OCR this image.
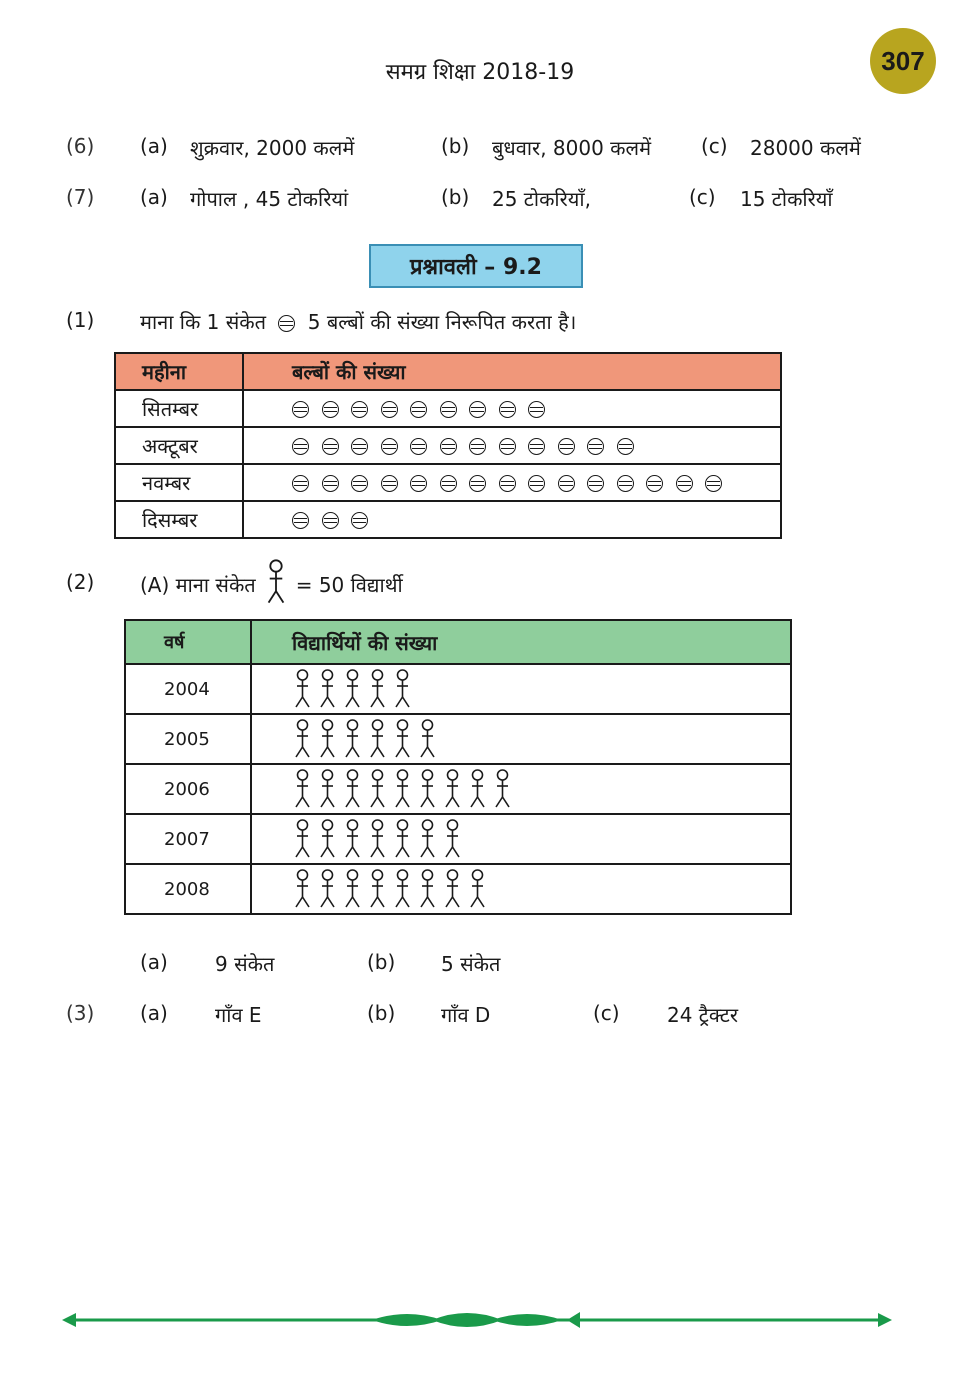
समग्र शिक्षा 2018-19	307
(6) (a) शुक्रवार, 2000 कलमें	(b) बुधवार, 8000 कलमें (c) 28000 कलमें
(7) (a) गोपाल , 45 टोकरियां	(b) 25 टोकरियाँ,	(c) 15 टोकरियाँ
प्रश्नावली – 9.2
(1) माना कि 1 संकेत 5 बल्बों की संख्या निरूपित करता है।
महीना	बल्बों की संख्या
सितम्बर	
अक्टूबर	
नवम्बर	
दिसम्बर	
(2) (A) माना संकेत = 50 विद्यार्थी
वर्ष	विद्यार्थियों की संख्या
2004	

2005	

2006	

2007	

2008	
(a) 9 संकेत	(b) 5 संकेत
(3) (a) गाँव E	(b) गाँव D	(c) 24 ट्रैक्टर
